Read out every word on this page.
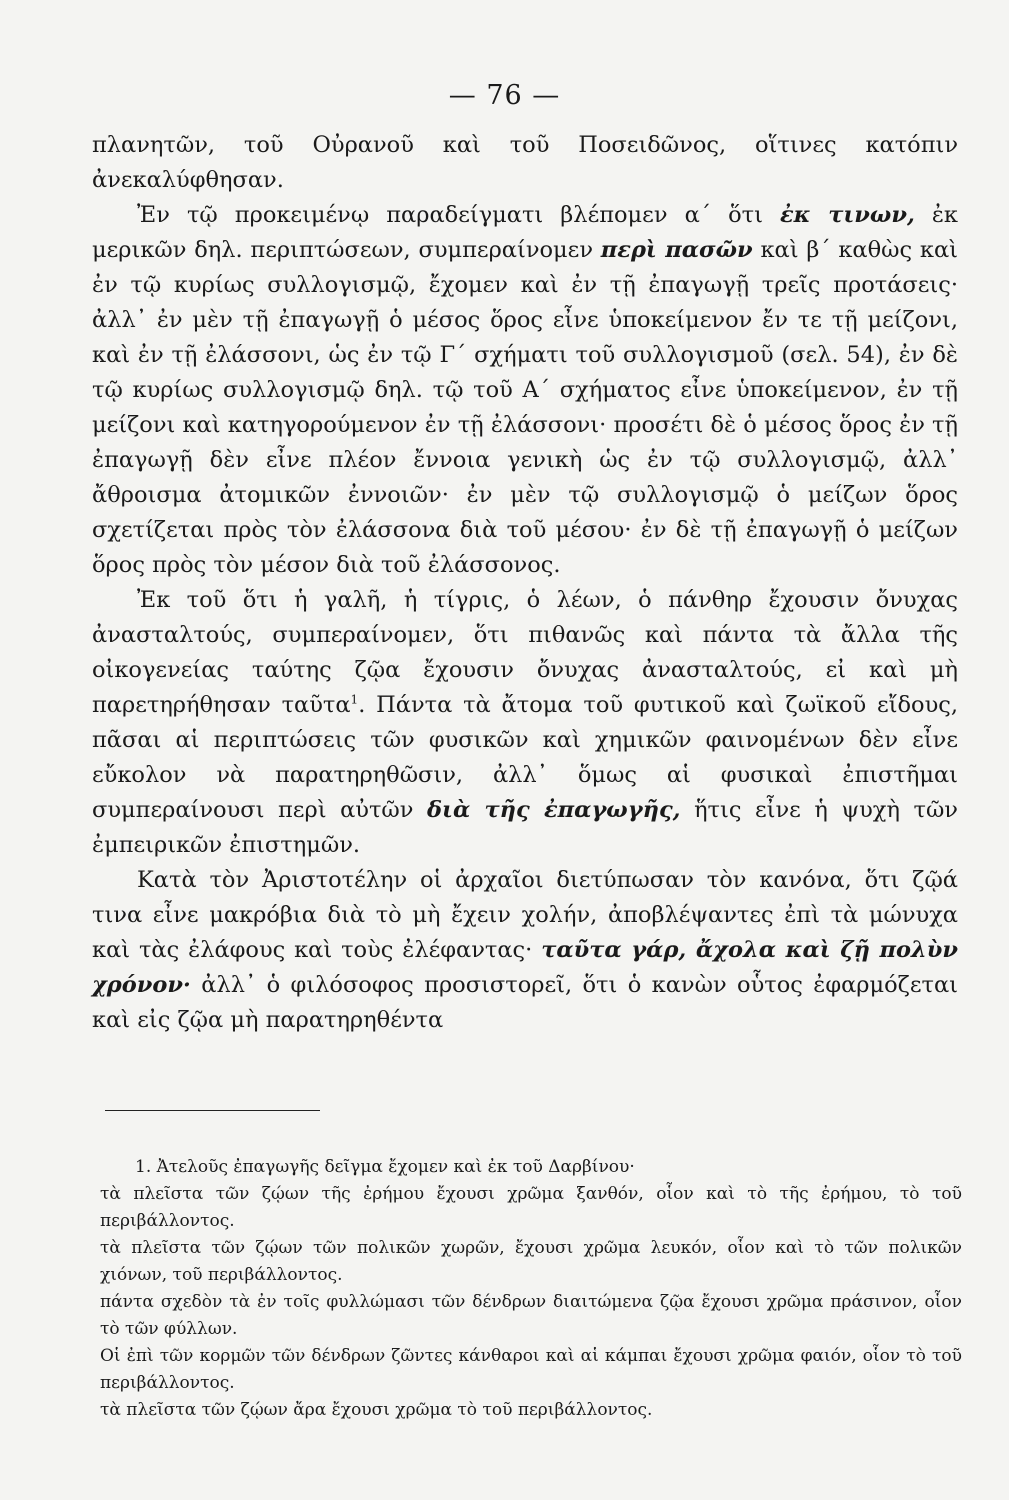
— 76 —

πλανητῶν, τοῦ Οὐρανοῦ καὶ τοῦ Ποσειδῶνος, οἵτινες κατόπιν ἀνεκαλύφθησαν.

Ἐν τῷ προκειμένῳ παραδείγματι βλέπομεν α΄ ὅτι ἐκ τινων, ἐκ μερικῶν δηλ. περιπτώσεων, συμπεραίνομεν περὶ πασῶν καὶ β΄ καθὼς καὶ ἐν τῷ κυρίως συλλογισμῷ, ἔχομεν καὶ ἐν τῇ ἐπαγωγῇ τρεῖς προτάσεις· ἀλλ᾽ ἐν μὲν τῇ ἐπαγωγῇ ὁ μέσος ὅρος εἶνε ὑποκείμενον ἔν τε τῇ μείζονι, καὶ ἐν τῇ ἐλάσσονι, ὡς ἐν τῷ Γ΄ σχήματι τοῦ συλλογισμοῦ (σελ. 54), ἐν δὲ τῷ κυρίως συλλογισμῷ δηλ. τῷ τοῦ Α΄ σχήματος εἶνε ὑποκείμενον, ἐν τῇ μείζονι καὶ κατηγορούμενον ἐν τῇ ἐλάσσονι· προσέτι δὲ ὁ μέσος ὅρος ἐν τῇ ἐπαγωγῇ δὲν εἶνε πλέον ἔννοια γενικὴ ὡς ἐν τῷ συλλογισμῷ, ἀλλ᾽ ἄθροισμα ἀτομικῶν ἐννοιῶν· ἐν μὲν τῷ συλλογισμῷ ὁ μείζων ὅρος σχετίζεται πρὸς τὸν ἐλάσσονα διὰ τοῦ μέσου· ἐν δὲ τῇ ἐπαγωγῇ ὁ μείζων ὅρος πρὸς τὸν μέσον διὰ τοῦ ἐλάσσονος.

Ἐκ τοῦ ὅτι ἡ γαλῆ, ἡ τίγρις, ὁ λέων, ὁ πάνθηρ ἔχουσιν ὄνυχας ἀνασταλτούς, συμπεραίνομεν, ὅτι πιθανῶς καὶ πάντα τὰ ἄλλα τῆς οἰκογενείας ταύτης ζῷα ἔχουσιν ὄνυχας ἀνασταλτούς, εἰ καὶ μὴ παρετηρήθησαν ταῦτα$^1$. Πάντα τὰ ἄτομα τοῦ φυτικοῦ καὶ ζωϊκοῦ εἴδους, πᾶσαι αἱ περιπτώσεις τῶν φυσικῶν καὶ χημικῶν φαινομένων δὲν εἶνε εὔκολον νὰ παρατηρηθῶσιν, ἀλλ᾽ ὅμως αἱ φυσικαὶ ἐπιστῆμαι συμπεραίνουσι περὶ αὐτῶν διὰ τῆς ἐπαγωγῆς, ἥτις εἶνε ἡ ψυχὴ τῶν ἐμπειρικῶν ἐπιστημῶν.

Κατὰ τὸν Ἀριστοτέλην οἱ ἀρχαῖοι διετύπωσαν τὸν κανόνα, ὅτι ζῷά τινα εἶνε μακρόβια διὰ τὸ μὴ ἔχειν χολήν, ἀποβλέψαντες ἐπὶ τὰ μώνυχα καὶ τὰς ἐλάφους καὶ τοὺς ἐλέφαντας· ταῦτα γάρ, ἄχολα καὶ ζῇ πολὺν χρόνον· ἀλλ᾽ ὁ φιλόσοφος προσιστορεῖ, ὅτι ὁ κανὼν οὗτος ἐφαρμόζεται καὶ εἰς ζῷα μὴ παρατηρηθέντα

1. Ἀτελοῦς ἐπαγωγῆς δεῖγμα ἔχομεν καὶ ἐκ τοῦ Δαρβίνου·

τὰ πλεῖστα τῶν ζῴων τῆς ἐρήμου ἔχουσι χρῶμα ξανθόν, οἷον καὶ τὸ τῆς ἐρήμου, τὸ τοῦ περιβάλλοντος.

τὰ πλεῖστα τῶν ζῴων τῶν πολικῶν χωρῶν, ἔχουσι χρῶμα λευκόν, οἷον καὶ τὸ τῶν πολικῶν χιόνων, τοῦ περιβάλλοντος.

πάντα σχεδὸν τὰ ἐν τοῖς φυλλώμασι τῶν δένδρων διαιτώμενα ζῷα ἔχουσι χρῶμα πράσινον, οἷον τὸ τῶν φύλλων.

Οἱ ἐπὶ τῶν κορμῶν τῶν δένδρων ζῶντες κάνθαροι καὶ αἱ κάμπαι ἔχουσι χρῶμα φαιόν, οἷον τὸ τοῦ περιβάλλοντος.

τὰ πλεῖστα τῶν ζῴων ἄρα ἔχουσι χρῶμα τὸ τοῦ περιβάλλοντος.
